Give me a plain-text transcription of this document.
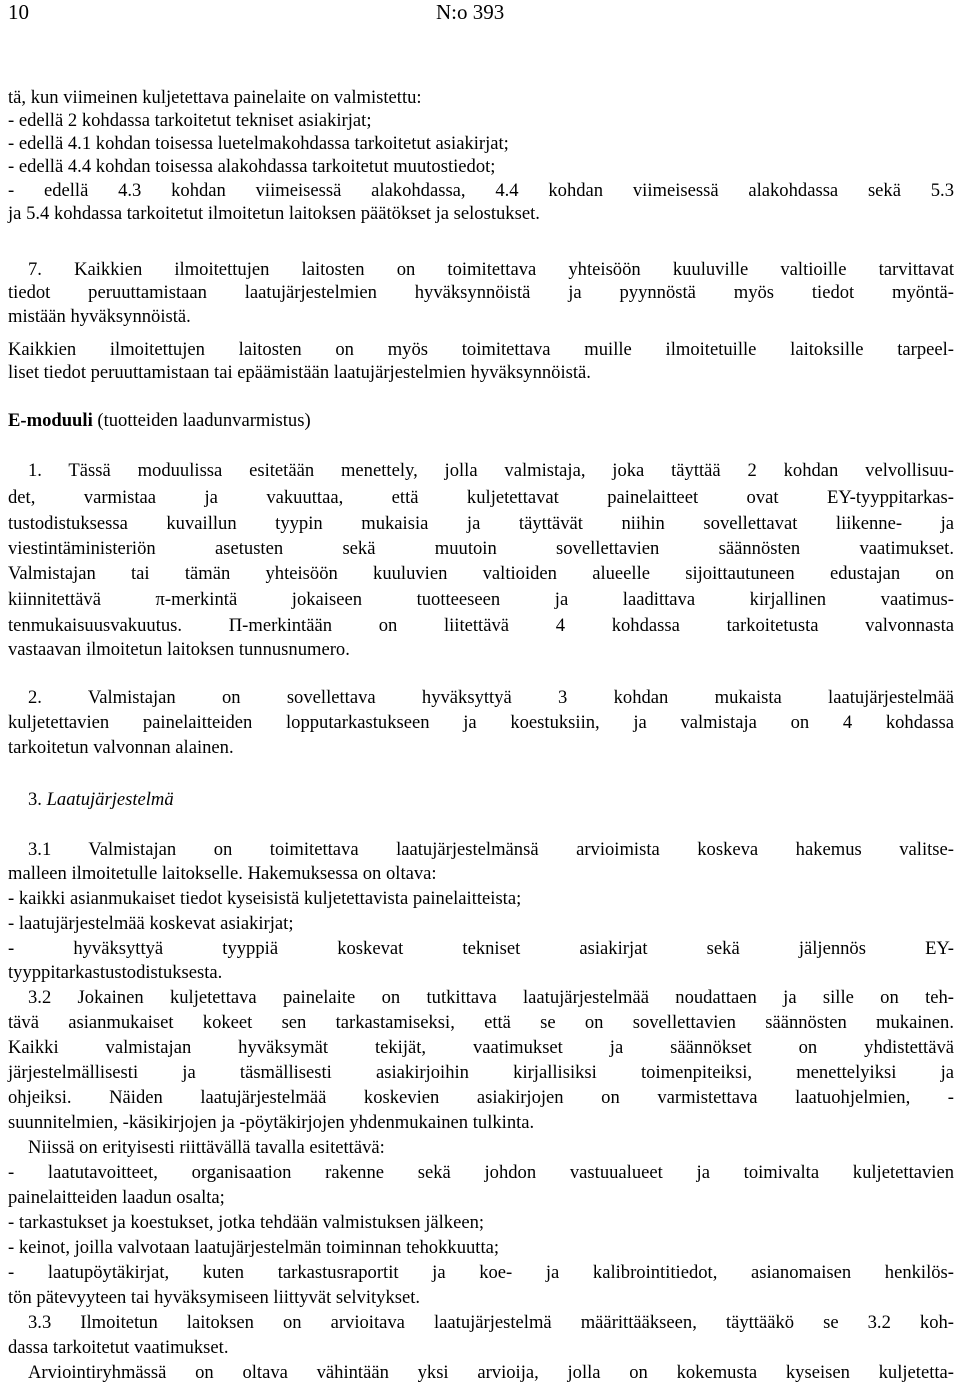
10	N:o 393
tä, kun viimeinen kuljetettava painelaite on valmistettu:
- edellä 2 kohdassa tarkoitetut tekniset asiakirjat;
- edellä 4.1 kohdan toisessa luetelmakohdassa tarkoitetut asiakirjat;
- edellä 4.4 kohdan toisessa alakohdassa tarkoitetut muutostiedot;
- edellä 4.3 kohdan viimeisessä alakohdassa, 4.4 kohdan viimeisessä alakohdassa sekä 5.3
ja 5.4 kohdassa tarkoitetut ilmoitetun laitoksen päätökset ja selostukset.
7. Kaikkien ilmoitettujen laitosten on toimitettava yhteisöön kuuluville valtioille tarvittavat
tiedot peruuttamistaan laatujärjestelmien hyväksynnöistä ja pyynnöstä myös tiedot myöntä-
mistään hyväksynnöistä.
Kaikkien ilmoitettujen laitosten on myös toimitettava muille ilmoitetuille laitoksille tarpeel-
liset tiedot peruuttamistaan tai epäämistään laatujärjestelmien hyväksynnöistä.
E-moduuli (tuotteiden laadunvarmistus)
1. Tässä moduulissa esitetään menettely, jolla valmistaja, joka täyttää 2 kohdan velvollisuu-
det, varmistaa ja vakuuttaa, että kuljetettavat painelaitteet ovat EY-tyyppitarkas-
tustodistuksessa kuvaillun tyypin mukaisia ja täyttävät niihin sovellettavat liikenne- ja
viestintäministeriön asetusten sekä muutoin sovellettavien säännösten vaatimukset.
Valmistajan tai tämän yhteisöön kuuluvien valtioiden alueelle sijoittautuneen edustajan on
kiinnitettävä π-merkintä jokaiseen tuotteeseen ja laadittava kirjallinen vaatimus-
tenmukaisuusvakuutus. Π-merkintään on liitettävä 4 kohdassa tarkoitetusta valvonnasta
vastaavan ilmoitetun laitoksen tunnusnumero.
2. Valmistajan on sovellettava hyväksyttyä 3 kohdan mukaista laatujärjestelmää
kuljetettavien painelaitteiden lopputarkastukseen ja koestuksiin, ja valmistaja on 4 kohdassa
tarkoitetun valvonnan alainen.
3. Laatujärjestelmä
3.1 Valmistajan on toimitettava laatujärjestelmänsä arvioimista koskeva hakemus valitse-
malleen ilmoitetulle laitokselle. Hakemuksessa on oltava:
- kaikki asianmukaiset tiedot kyseisistä kuljetettavista painelaitteista;
- laatujärjestelmää koskevat asiakirjat;
- hyväksyttyä tyyppiä koskevat tekniset asiakirjat sekä jäljennös EY-
tyyppitarkastustodistuksesta.
3.2 Jokainen kuljetettava painelaite on tutkittava laatujärjestelmää noudattaen ja sille on teh-
tävä asianmukaiset kokeet sen tarkastamiseksi, että se on sovellettavien säännösten mukainen.
Kaikki valmistajan hyväksymät tekijät, vaatimukset ja säännökset on yhdistettävä
järjestelmällisesti ja täsmällisesti asiakirjoihin kirjallisiksi toimenpiteiksi, menettelyiksi ja
ohjeiksi. Näiden laatujärjestelmää koskevien asiakirjojen on varmistettava laatuohjelmien, -
suunnitelmien, -käsikirjojen ja -pöytäkirjojen yhdenmukainen tulkinta.
Niissä on erityisesti riittävällä tavalla esitettävä:
- laatutavoitteet, organisaation rakenne sekä johdon vastuualueet ja toimivalta kuljetettavien
painelaitteiden laadun osalta;
- tarkastukset ja koestukset, jotka tehdään valmistuksen jälkeen;
- keinot, joilla valvotaan laatujärjestelmän toiminnan tehokkuutta;
- laatupöytäkirjat, kuten tarkastusraportit ja koe- ja kalibrointitiedot, asianomaisen henkilös-
tön pätevyyteen tai hyväksymiseen liittyvät selvitykset.
3.3 Ilmoitetun laitoksen on arvioitava laatujärjestelmä määrittääkseen, täyttääkö se 3.2 koh-
dassa tarkoitetut vaatimukset.
Arviointiryhmässä on oltava vähintään yksi arvioija, jolla on kokemusta kyseisen kuljetetta-
